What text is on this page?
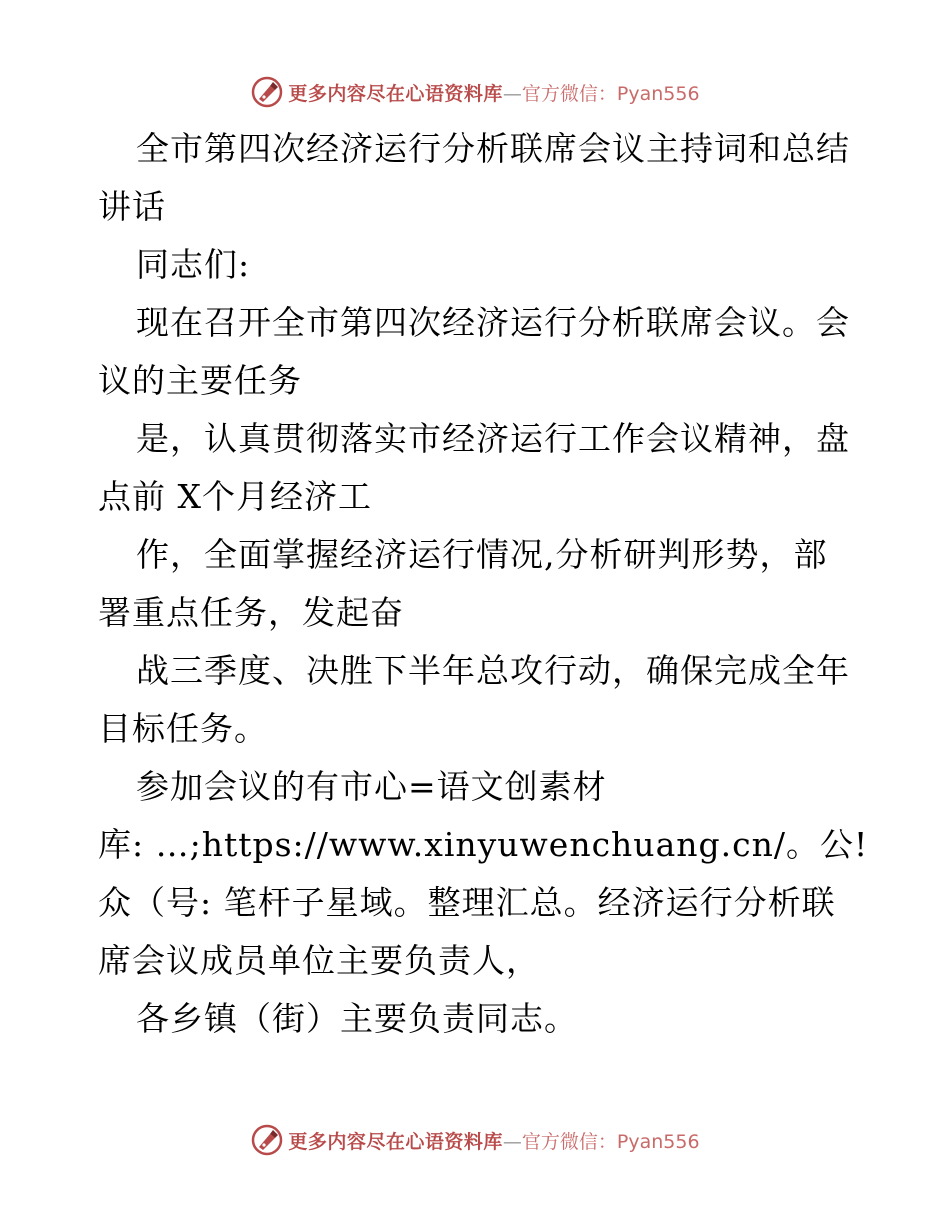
更多内容尽在心语资料库—官方微信：Pyan556

全市第四次经济运行分析联席会议主持词和总结

讲话

同志们:

现在召开全市第四次经济运行分析联席会议。会

议的主要任务

是，认真贯彻落实市经济运行工作会议精神，盘

点前 X个月经济工

作，全面掌握经济运行情况,分析研判形势，部

署重点任务，发起奋

战三季度、决胜下半年总攻行动，确保完成全年

目标任务。

参加会议的有市心=语文创素材

库: …;https://www.xinyuwenchuang.cn/。公!

众（号: 笔杆子星域。整理汇总。经济运行分析联

席会议成员单位主要负责人，

各乡镇（街）主要负责同志。

更多内容尽在心语资料库—官方微信：Pyan556
